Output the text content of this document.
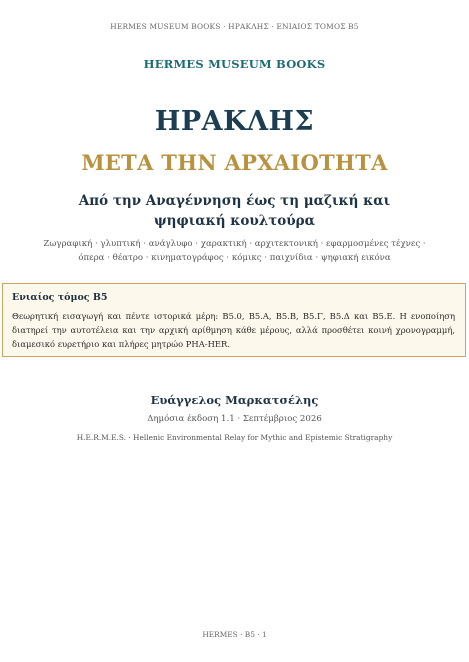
HERMES MUSEUM BOOKS · ΗΡΑΚΛΗΣ · ΕΝΙΑΙΟΣ ΤΟΜΟΣ Β5
HERMES MUSEUM BOOKS
ΗΡΑΚΛΗΣ
ΜΕΤΑ ΤΗΝ ΑΡΧΑΙΟΤΗΤΑ
Από την Αναγέννηση έως τη μαζική και ψηφιακή κουλτούρα
Ζωγραφική · γλυπτική · ανάγλυφο · χαρακτική · αρχιτεκτονική · εφαρμοσμένες τέχνες · όπερα · θέατρο · κινηματογράφος · κόμικς · παιχνίδια · ψηφιακή εικόνα
Ενιαίος τόμος Β5
Θεωρητική εισαγωγή και πέντε ιστορικά μέρη: Β5.0, Β5.Α, Β5.Β, Β5.Γ, Β5.Δ και Β5.Ε. Η ενοποίηση διατηρεί την αυτοτέλεια και την αρχική αρίθμηση κάθε μέρους, αλλά προσθέτει κοινή χρονογραμμή, διαμεσικό ευρετήριο και πλήρες μητρώο PHA-HER.
Ευάγγελος Μαρκατσέλης
Δημόσια έκδοση 1.1 · Σεπτέμβριος 2026
H.E.R.M.E.S. · Hellenic Environmental Relay for Mythic and Epistemic Stratigraphy
HERMES · B5 · 1
